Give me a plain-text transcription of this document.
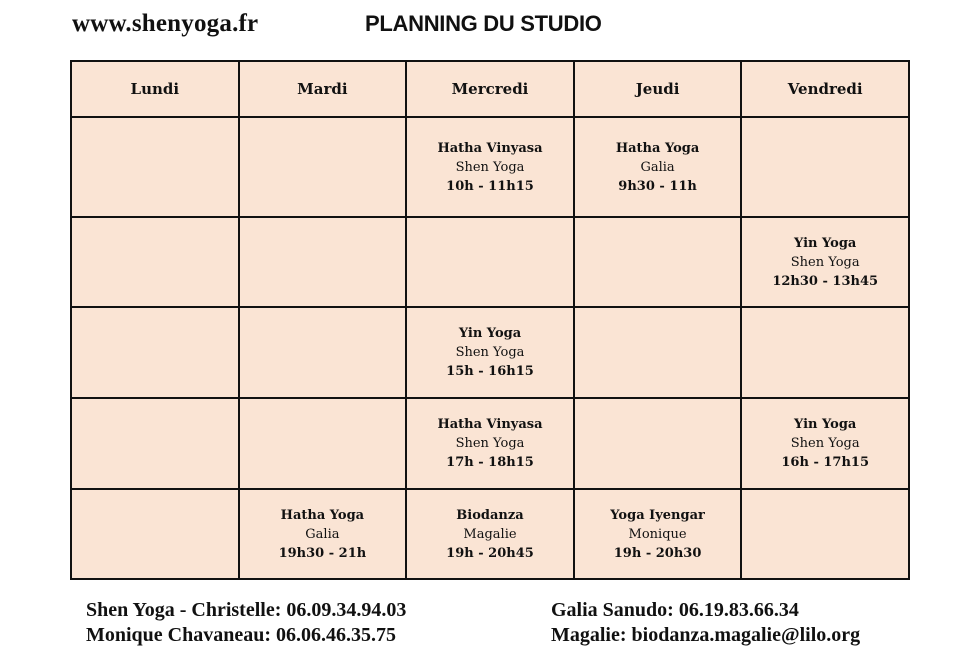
www.shenyoga.fr	PLANNING DU STUDIO
Lundi	Mardi	Mercredi	Jeudi	Vendredi

		Hatha Vinyasa
Shen Yoga
10h - 11h15	Hatha Yoga
Galia
9h30 - 11h	

				Yin Yoga
Shen Yoga
12h30 - 13h45

		Yin Yoga
Shen Yoga
15h - 16h15		

		Hatha Vinyasa
Shen Yoga
17h - 18h15		Yin Yoga
Shen Yoga
16h - 17h15

	Hatha Yoga
Galia
19h30 - 21h	Biodanza
Magalie
19h - 20h45	Yoga Iyengar
Monique
19h - 20h30	

Shen Yoga - Christelle: 06.09.34.94.03
Monique Chavaneau: 06.06.46.35.75
Galia Sanudo: 06.19.83.66.34
Magalie: biodanza.magalie@lilo.org
